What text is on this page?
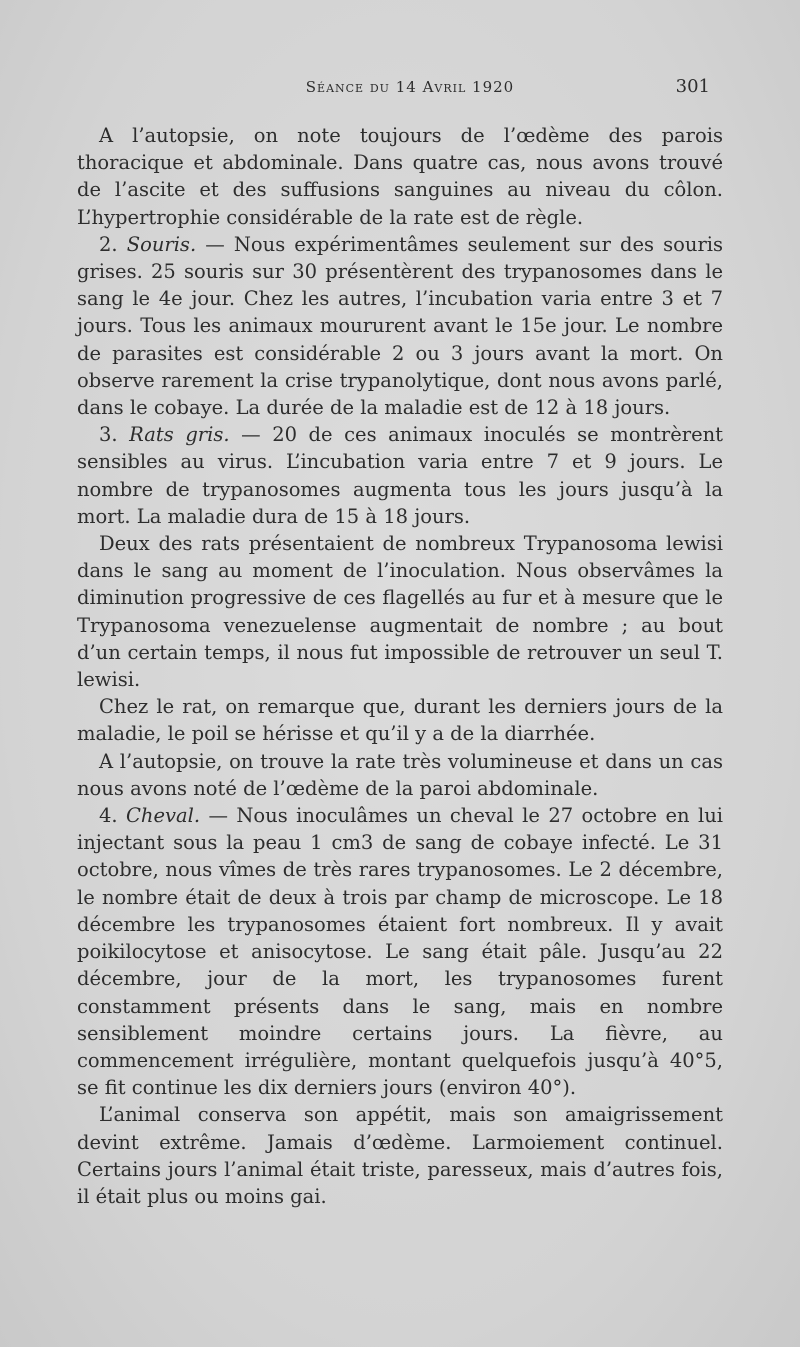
Séance du 14 Avril 1920	301

A l’autopsie, on note toujours de l’œdème des parois thoracique et abdominale. Dans quatre cas, nous avons trouvé de l’ascite et des suffusions sanguines au niveau du côlon. L’hypertrophie considérable de la rate est de règle.

2. Souris. — Nous expérimentâmes seulement sur des souris grises. 25 souris sur 30 présentèrent des trypanosomes dans le sang le 4e jour. Chez les autres, l’incubation varia entre 3 et 7 jours. Tous les animaux moururent avant le 15e jour. Le nombre de parasites est considérable 2 ou 3 jours avant la mort. On observe rarement la crise trypanolytique, dont nous avons parlé, dans le cobaye. La durée de la maladie est de 12 à 18 jours.

3. Rats gris. — 20 de ces animaux inoculés se montrèrent sensibles au virus. L’incubation varia entre 7 et 9 jours. Le nombre de trypanosomes augmenta tous les jours jusqu’à la mort. La maladie dura de 15 à 18 jours.

Deux des rats présentaient de nombreux Trypanosoma lewisi dans le sang au moment de l’inoculation. Nous observâmes la diminution progressive de ces flagellés au fur et à mesure que le Trypanosoma venezuelense augmentait de nombre ; au bout d’un certain temps, il nous fut impossible de retrouver un seul T. lewisi.

Chez le rat, on remarque que, durant les derniers jours de la maladie, le poil se hérisse et qu’il y a de la diarrhée.

A l’autopsie, on trouve la rate très volumineuse et dans un cas nous avons noté de l’œdème de la paroi abdominale.

4. Cheval. — Nous inoculâmes un cheval le 27 octobre en lui injectant sous la peau 1 cm3 de sang de cobaye infecté. Le 31 octobre, nous vîmes de très rares trypanosomes. Le 2 décembre, le nombre était de deux à trois par champ de microscope. Le 18 décembre les trypanosomes étaient fort nombreux. Il y avait poikilocytose et anisocytose. Le sang était pâle. Jusqu’au 22 décembre, jour de la mort, les trypanosomes furent constamment présents dans le sang, mais en nombre sensiblement moindre certains jours. La fièvre, au commencement irrégulière, montant quelquefois jusqu’à 40°5, se fit continue les dix derniers jours (environ 40°).

L’animal conserva son appétit, mais son amaigrissement devint extrême. Jamais d’œdème. Larmoiement continuel. Certains jours l’animal était triste, paresseux, mais d’autres fois, il était plus ou moins gai.
